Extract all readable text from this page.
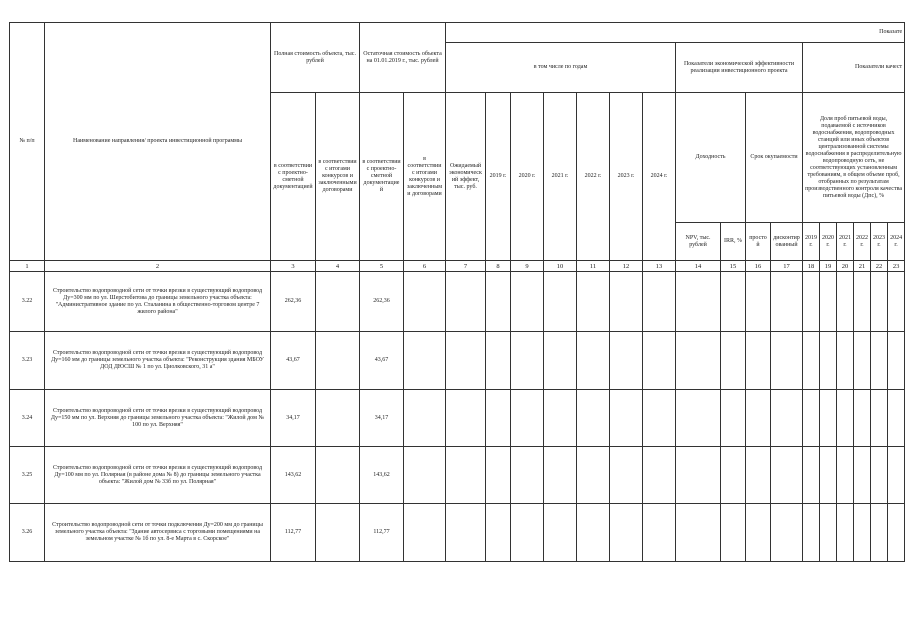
№ п/п	Наименование направления/ проекта инвестиционной программы	Полная стоимость объекта, тыс. рублей		Остаточная стоимость объекта на 01.01.2019 г., тыс. рублей		Показате																

						в том числе по годам							Показатели экономической эффективности реализации инвестиционного проекта				Показатели качест					

		в соответствии с проектно-сметной документацией	в соответствии с итогами конкурсов и заключенными договорами	в соответствии с проектно-сметной документацией	в соответствии с итогами конкурсов и заключенными договорами	Ожидаемый экономический эффект, тыс. руб.	2019 г.	2020 г.	2021 г.	2022 г.	2023 г.	2024 г.	Доходность		Срок окупаемости		Доля проб питьевой воды, подаваемой с источников водоснабжения, водопроводных станций или иных объектов централизованной системы водоснабжения в распределительную водопроводную сеть, не соответствующих установленным требованиям, в общем объеме проб, отобранных по результатам производственного контроля качества питьевой воды (Дпс), %					
													NPV, тыс. рублей	IRR, %	простой	дисконтированный	2019 г.	2020 г.	2021 г.	2022 г.	2023 г.	2024 г.
1	2	3	4	5	6	7	8	9	10	11	12	13	14	15	16	17	18	19	20	21	22	23
3.22	Строительство водопроводной сети от точки врезки в существующий водопровод Ду=300 мм по ул. Шерстобитова до границы земельного участка объекта: "Административное здание по ул. Сталанина в общественно-торговом центре 7 жилого района"	262,36		262,36																		
3.23	Строительство водопроводной сети от точки врезки в существующий водопровод Ду=160 мм до границы земельного участка объекта: "Реконструкция здания МБОУ ДОД ДЮСШ № 1 по ул. Циолковского, 31 а"	43,67		43,67																		
3.24	Строительство водопроводной сети от точки врезки в существующий водопровод Ду=150 мм по ул. Верхняя до границы земельного участка объекта: "Жилой дом № 100 по ул. Верхняя"	34,17		34,17																		
3.25	Строительство водопроводной сети от точки врезки в существующий водопровод Ду=100 мм по ул. Полярная (в районе дома № 8) до границы земельного участка объекта: "Жилой дом № 33б по ул. Полярная"	143,62		143,62																		
3.26	Строительство водопроводной сети от точки подключения Ду=200 мм до границы земельного участка объекта: "Здание автосервиса с торговыми помещениями на земельном участке № 1б по ул. 8-е Марта в с. Скорское"	112,77		112,77																		
